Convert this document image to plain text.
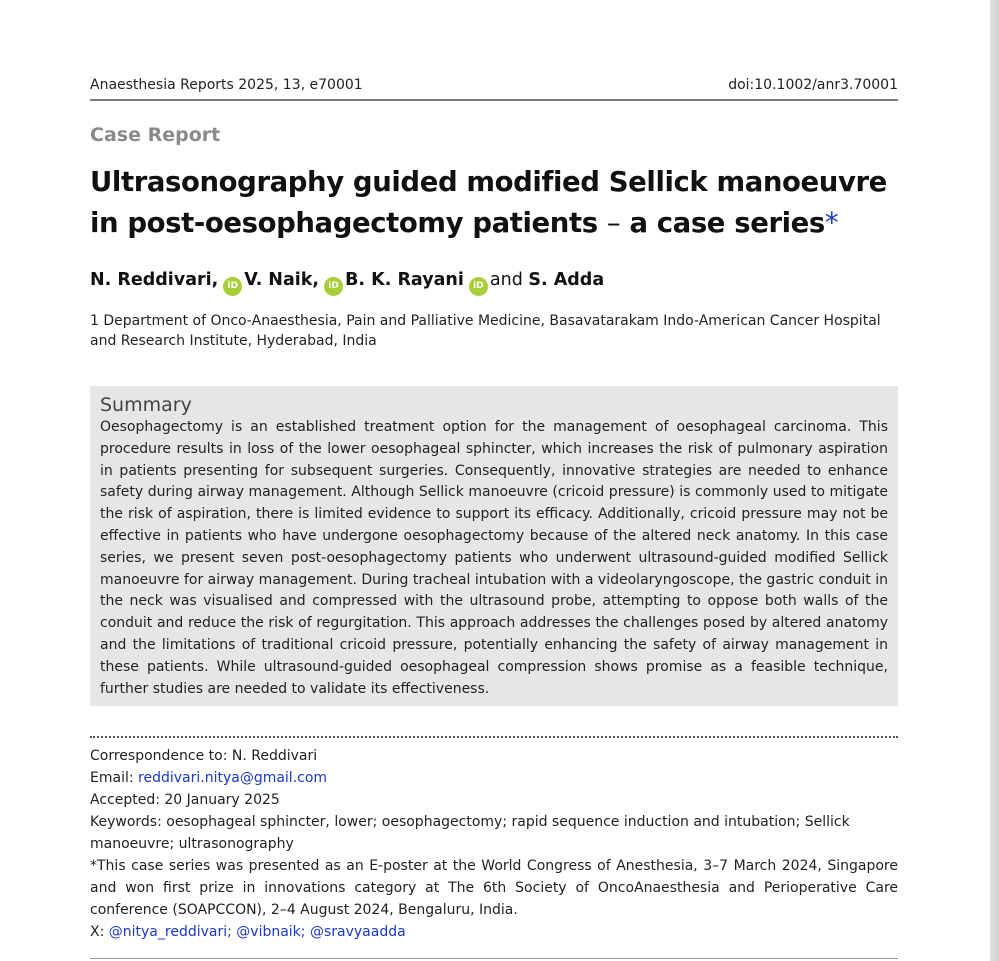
Anaesthesia Reports 2025, 13, e70001	doi:10.1002/anr3.70001
Case Report
Ultrasonography guided modified Sellick manoeuvre in post-oesophagectomy patients – a case series*
N. Reddivari, iD V. Naik, iD B. K. Rayani iD and S. Adda
1 Department of Onco-Anaesthesia, Pain and Palliative Medicine, Basavatarakam Indo-American Cancer Hospital and Research Institute, Hyderabad, India
Summary

Oesophagectomy is an established treatment option for the management of oesophageal carcinoma. This procedure results in loss of the lower oesophageal sphincter, which increases the risk of pulmonary aspiration in patients presenting for subsequent surgeries. Consequently, innovative strategies are needed to enhance safety during airway management. Although Sellick manoeuvre (cricoid pressure) is commonly used to mitigate the risk of aspiration, there is limited evidence to support its efficacy. Additionally, cricoid pressure may not be effective in patients who have undergone oesophagectomy because of the altered neck anatomy. In this case series, we present seven post-oesophagectomy patients who underwent ultrasound-guided modified Sellick manoeuvre for airway management. During tracheal intubation with a videolaryngoscope, the gastric conduit in the neck was visualised and compressed with the ultrasound probe, attempting to oppose both walls of the conduit and reduce the risk of regurgitation. This approach addresses the challenges posed by altered anatomy and the limitations of traditional cricoid pressure, potentially enhancing the safety of airway management in these patients. While ultrasound-guided oesophageal compression shows promise as a feasible technique, further studies are needed to validate its effectiveness.

Correspondence to: N. Reddivari
Email: reddivari.nitya@gmail.com
Accepted: 20 January 2025
Keywords: oesophageal sphincter, lower; oesophagectomy; rapid sequence induction and intubation; Sellick manoeuvre; ultrasonography
*This case series was presented as an E-poster at the World Congress of Anesthesia, 3–7 March 2024, Singapore and won first prize in innovations category at The 6th Society of OncoAnaesthesia and Perioperative Care conference (SOAPCCON), 2–4 August 2024, Bengaluru, India.
X: @nitya_reddivari; @vibnaik; @sravyaadda
